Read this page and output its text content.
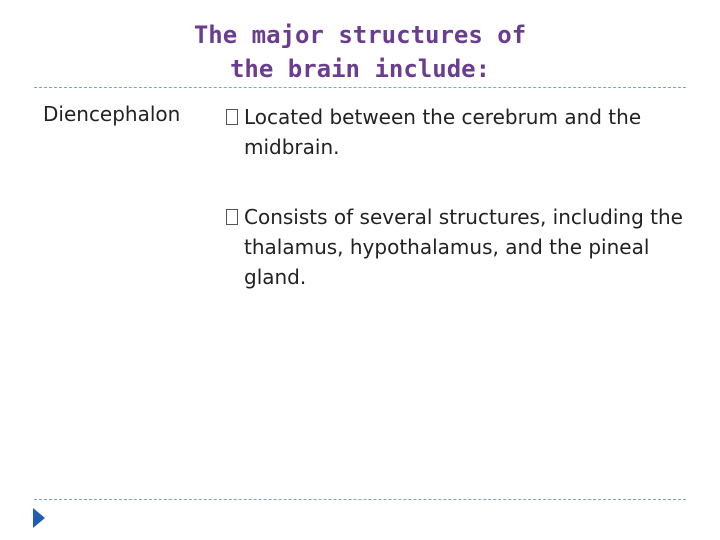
The major structures of
the brain include:

Diencephalon	Located between the cerebrum and the midbrain.
Consists of several structures, including the thalamus, hypothalamus, and the pineal gland.
